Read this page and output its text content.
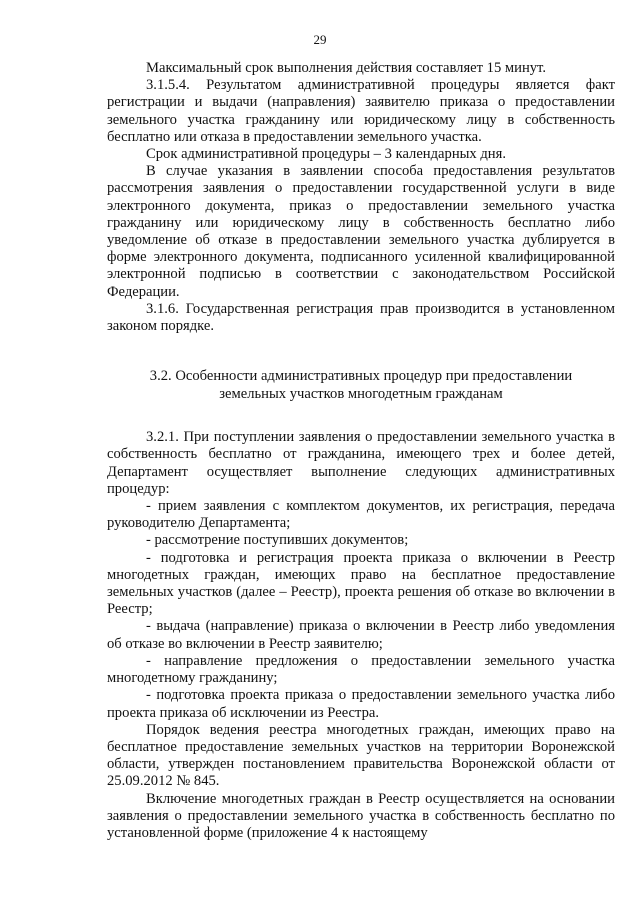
29

Максимальный срок выполнения действия составляет 15 минут.

3.1.5.4. Результатом административной процедуры является факт регистрации и выдачи (направления) заявителю приказа о предоставлении земельного участка гражданину или юридическому лицу в собственность бесплатно или отказа в предоставлении земельного участка.

Срок административной процедуры – 3 календарных дня.

В случае указания в заявлении способа предоставления результатов рассмотрения заявления о предоставлении государственной услуги в виде электронного документа, приказ о предоставлении земельного участка гражданину или юридическому лицу в собственность бесплатно либо уведомление об отказе в предоставлении земельного участка дублируется в форме электронного документа, подписанного усиленной квалифицированной электронной подписью в соответствии с законодательством Российской Федерации.

3.1.6. Государственная регистрация прав производится в установленном законом порядке.

3.2. Особенности административных процедур при предоставлении земельных участков многодетным гражданам

3.2.1. При поступлении заявления о предоставлении земельного участка в собственность бесплатно от гражданина, имеющего трех и более детей, Департамент осуществляет выполнение следующих административных процедур:

- прием заявления с комплектом документов, их регистрация, передача руководителю Департамента;

- рассмотрение поступивших документов;

- подготовка и регистрация проекта приказа о включении в Реестр многодетных граждан, имеющих право на бесплатное предоставление земельных участков (далее – Реестр), проекта решения об отказе во включении в Реестр;

- выдача (направление) приказа о включении в Реестр либо уведомления об отказе во включении в Реестр заявителю;

- направление предложения о предоставлении земельного участка многодетному гражданину;

- подготовка проекта приказа о предоставлении земельного участка либо проекта приказа об исключении из Реестра.

Порядок ведения реестра многодетных граждан, имеющих право на бесплатное предоставление земельных участков на территории Воронежской области, утвержден постановлением правительства Воронежской области от 25.09.2012 № 845.

Включение многодетных граждан в Реестр осуществляется на основании заявления о предоставлении земельного участка в собственность бесплатно по установленной форме (приложение 4 к настоящему
